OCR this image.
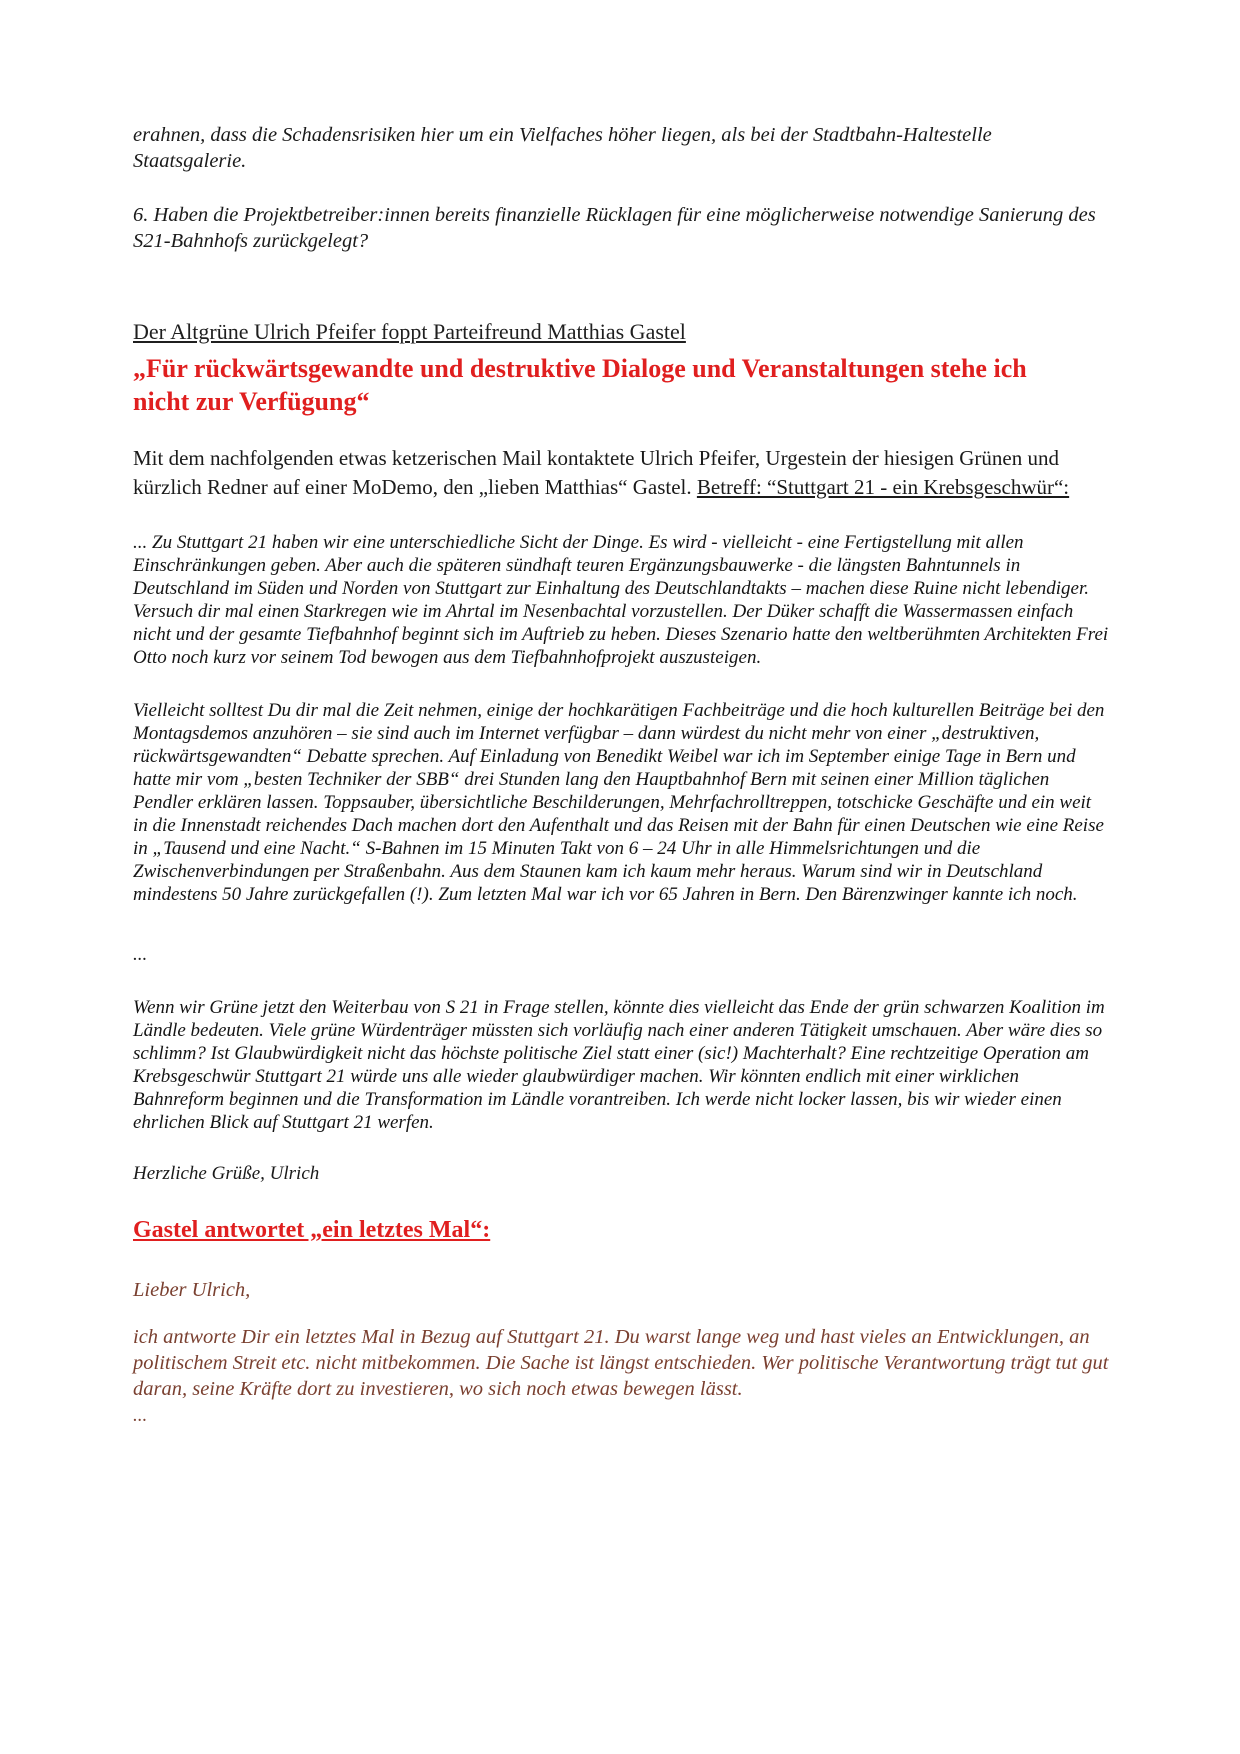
erahnen, dass die Schadensrisiken hier um ein Vielfaches höher liegen, als bei der Stadtbahn-Haltestelle Staatsgalerie.

6. Haben die Projektbetreiber:innen bereits finanzielle Rücklagen für eine möglicherweise notwendige Sanierung des S21-Bahnhofs zurückgelegt?

Der Altgrüne Ulrich Pfeifer foppt Parteifreund Matthias Gastel
„Für rückwärtsgewandte und destruktive Dialoge und Veranstaltungen stehe ich nicht zur Verfügung“

Mit dem nachfolgenden etwas ketzerischen Mail kontaktete Ulrich Pfeifer, Urgestein der hiesigen Grünen und kürzlich Redner auf einer MoDemo, den „lieben Matthias“ Gastel. Betreff: “Stuttgart 21 - ein Krebsgeschwür“:

... Zu Stuttgart 21 haben wir eine unterschiedliche Sicht der Dinge. Es wird - vielleicht - eine Fertigstellung mit allen Einschränkungen geben. Aber auch die späteren sündhaft teuren Ergänzungsbauwerke - die längsten Bahntunnels in Deutschland im Süden und Norden von Stuttgart zur Einhaltung des Deutschlandtakts – machen diese Ruine nicht lebendiger. Versuch dir mal einen Starkregen wie im Ahrtal im Nesenbachtal vorzustellen. Der Düker schafft die Wassermassen einfach nicht und der gesamte Tiefbahnhof beginnt sich im Auftrieb zu heben. Dieses Szenario hatte den weltberühmten Architekten Frei Otto noch kurz vor seinem Tod bewogen aus dem Tiefbahnhofprojekt auszusteigen.

Vielleicht solltest Du dir mal die Zeit nehmen, einige der hochkarätigen Fachbeiträge und die hoch kulturellen Beiträge bei den Montagsdemos anzuhören – sie sind auch im Internet verfügbar – dann würdest du nicht mehr von einer „destruktiven, rückwärtsgewandten“ Debatte sprechen. Auf Einladung von Benedikt Weibel war ich im September einige Tage in Bern und hatte mir vom „besten Techniker der SBB“ drei Stunden lang den Hauptbahnhof Bern mit seinen einer Million täglichen Pendler erklären lassen. Toppsauber, übersichtliche Beschilderungen, Mehrfachrolltreppen, totschicke Geschäfte und ein weit in die Innenstadt reichendes Dach machen dort den Aufenthalt und das Reisen mit der Bahn für einen Deutschen wie eine Reise in „Tausend und eine Nacht.“ S-Bahnen im 15 Minuten Takt von 6 – 24 Uhr in alle Himmelsrichtungen und die Zwischenverbindungen per Straßenbahn. Aus dem Staunen kam ich kaum mehr heraus. Warum sind wir in Deutschland mindestens 50 Jahre zurückgefallen (!). Zum letzten Mal war ich vor 65 Jahren in Bern. Den Bärenzwinger kannte ich noch.

...

Wenn wir Grüne jetzt den Weiterbau von S 21 in Frage stellen, könnte dies vielleicht das Ende der grün schwarzen Koalition im Ländle bedeuten. Viele grüne Würdenträger müssten sich vorläufig nach einer anderen Tätigkeit umschauen. Aber wäre dies so schlimm? Ist Glaubwürdigkeit nicht das höchste politische Ziel statt einer (sic!) Machterhalt? Eine rechtzeitige Operation am Krebsgeschwür Stuttgart 21 würde uns alle wieder glaubwürdiger machen. Wir könnten endlich mit einer wirklichen Bahnreform beginnen und die Transformation im Ländle vorantreiben. Ich werde nicht locker lassen, bis wir wieder einen ehrlichen Blick auf Stuttgart 21 werfen.

Herzliche Grüße, Ulrich

Gastel antwortet „ein letztes Mal“:

Lieber Ulrich,

ich antworte Dir ein letztes Mal in Bezug auf Stuttgart 21. Du warst lange weg und hast vieles an Entwicklungen, an politischem Streit etc. nicht mitbekommen. Die Sache ist längst entschieden. Wer politische Verantwortung trägt tut gut daran, seine Kräfte dort zu investieren, wo sich noch etwas bewegen lässt.

...
